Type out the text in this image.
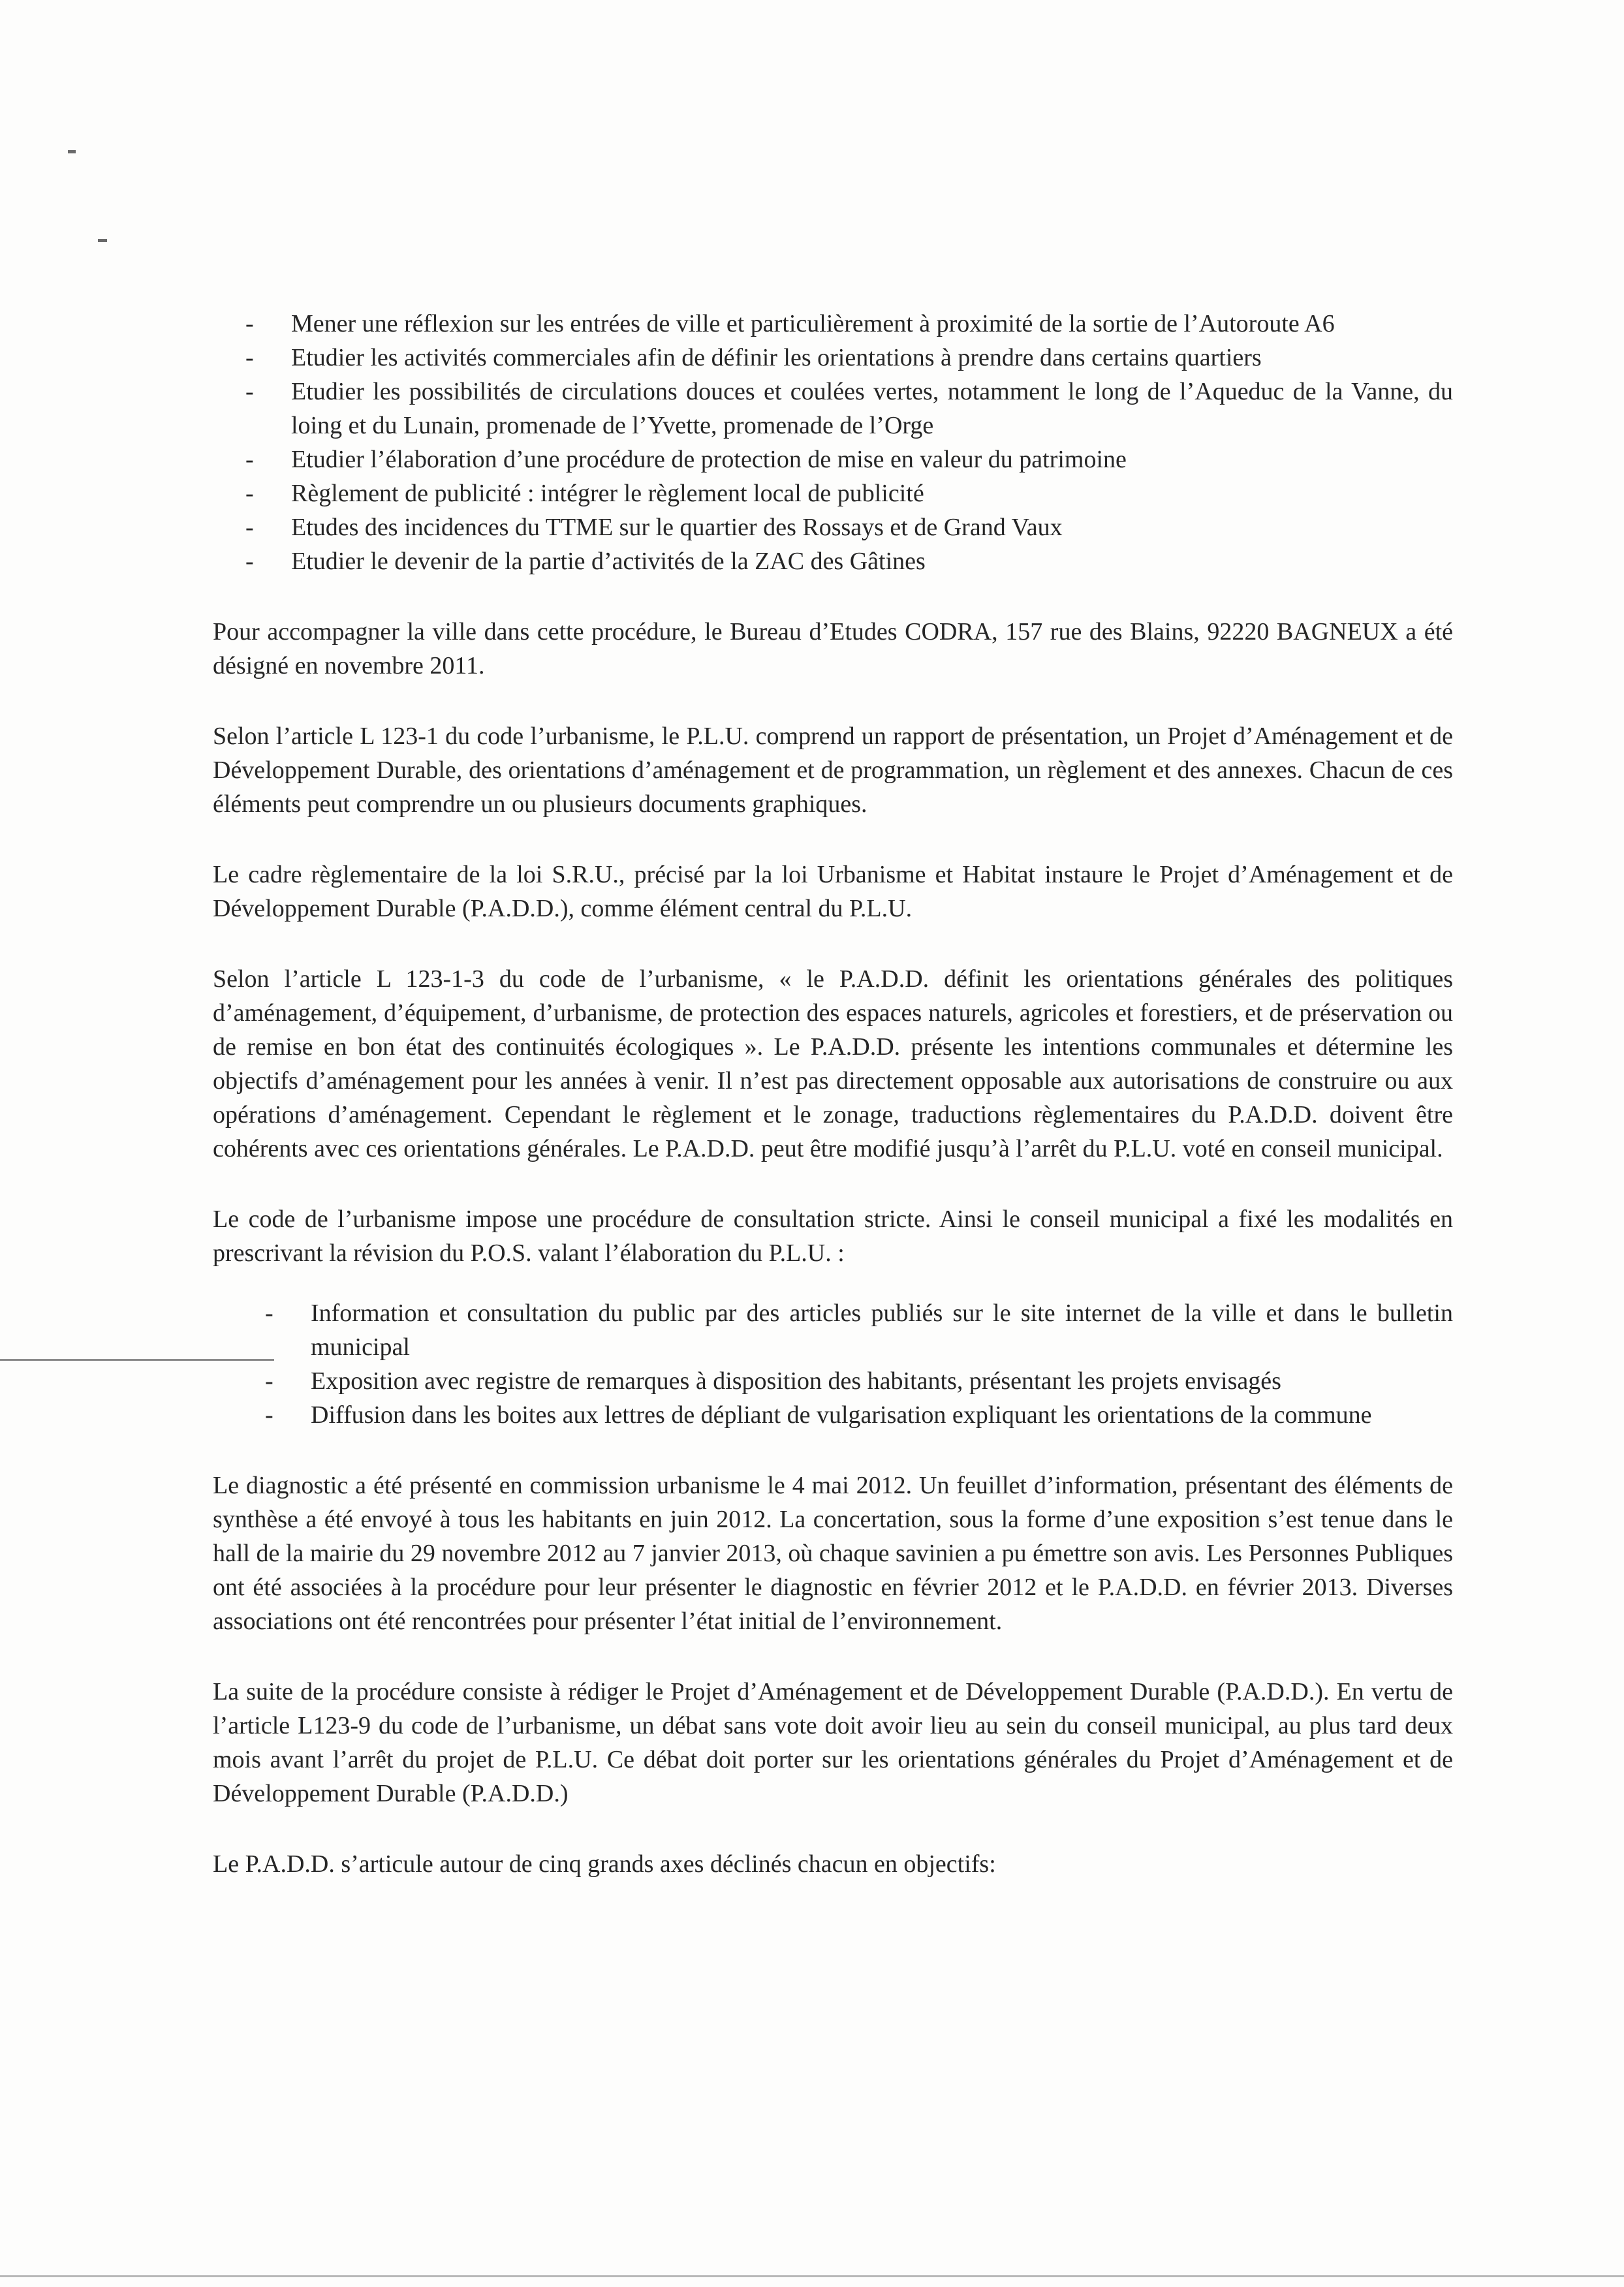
- Mener une réflexion sur les entrées de ville et particulièrement à proximité de la sortie de l’Autoroute A6
- Etudier les activités commerciales afin de définir les orientations à prendre dans certains quartiers
- Etudier les possibilités de circulations douces et coulées vertes, notamment le long de l’Aqueduc de la Vanne, du loing et du Lunain, promenade de l’Yvette, promenade de l’Orge
- Etudier l’élaboration d’une procédure de protection de mise en valeur du patrimoine
- Règlement de publicité : intégrer le règlement local de publicité
- Etudes des incidences du TTME sur le quartier des Rossays et de Grand Vaux
- Etudier le devenir de la partie d’activités de la ZAC des Gâtines

Pour accompagner la ville dans cette procédure, le Bureau d’Etudes CODRA, 157 rue des Blains, 92220 BAGNEUX a été désigné en novembre 2011.

Selon l’article L 123-1 du code l’urbanisme, le P.L.U. comprend un rapport de présentation, un Projet d’Aménagement et de Développement Durable, des orientations d’aménagement et de programmation, un règlement et des annexes. Chacun de ces éléments peut comprendre un ou plusieurs documents graphiques.

Le cadre règlementaire de la loi S.R.U., précisé par la loi Urbanisme et Habitat instaure le Projet d’Aménagement et de Développement Durable (P.A.D.D.), comme élément central du P.L.U.

Selon l’article L 123-1-3 du code de l’urbanisme, « le P.A.D.D. définit les orientations générales des politiques d’aménagement, d’équipement, d’urbanisme, de protection des espaces naturels, agricoles et forestiers, et de préservation ou de remise en bon état des continuités écologiques ». Le P.A.D.D. présente les intentions communales et détermine les objectifs d’aménagement pour les années à venir. Il n’est pas directement opposable aux autorisations de construire ou aux opérations d’aménagement. Cependant le règlement et le zonage, traductions règlementaires du P.A.D.D. doivent être cohérents avec ces orientations générales. Le P.A.D.D. peut être modifié jusqu’à l’arrêt du P.L.U. voté en conseil municipal.

Le code de l’urbanisme impose une procédure de consultation stricte. Ainsi le conseil municipal a fixé les modalités en prescrivant la révision du P.O.S. valant l’élaboration du P.L.U. :

- Information et consultation du public par des articles publiés sur le site internet de la ville et dans le bulletin municipal
- Exposition avec registre de remarques à disposition des habitants, présentant les projets envisagés
- Diffusion dans les boites aux lettres de dépliant de vulgarisation expliquant les orientations de la commune

Le diagnostic a été présenté en commission urbanisme le 4 mai 2012. Un feuillet d’information, présentant des éléments de synthèse a été envoyé à tous les habitants en juin 2012. La concertation, sous la forme d’une exposition s’est tenue dans le hall de la mairie du 29 novembre 2012 au 7 janvier 2013, où chaque savinien a pu émettre son avis. Les Personnes Publiques ont été associées à la procédure pour leur présenter le diagnostic en février 2012 et le P.A.D.D. en février 2013. Diverses associations ont été rencontrées pour présenter l’état initial de l’environnement.

La suite de la procédure consiste à rédiger le Projet d’Aménagement et de Développement Durable (P.A.D.D.). En vertu de l’article L123-9 du code de l’urbanisme, un débat sans vote doit avoir lieu au sein du conseil municipal, au plus tard deux mois avant l’arrêt du projet de P.L.U. Ce débat doit porter sur les orientations générales du Projet d’Aménagement et de Développement Durable (P.A.D.D.)

Le P.A.D.D. s’articule autour de cinq grands axes déclinés chacun en objectifs:
